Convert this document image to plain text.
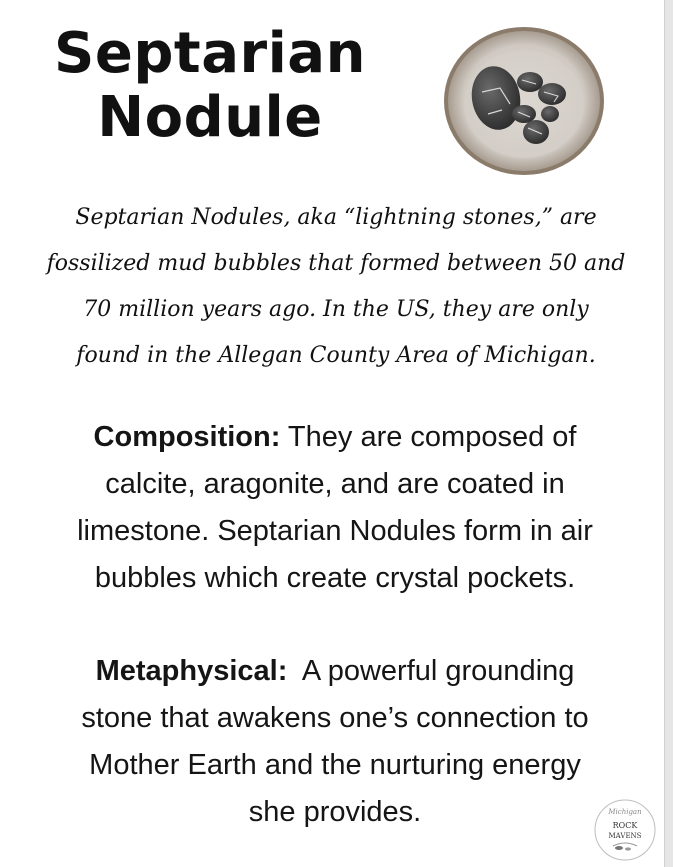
Septarian
Nodule
Septarian Nodules, aka “lightning stones,” are
fossilized mud bubbles that formed between 50 and
70 million years ago. In the US, they are only
found in the Allegan County Area of Michigan.
Composition: They are composed of
calcite, aragonite, and are coated in
limestone. Septarian Nodules form in air
bubbles which create crystal pockets.
Metaphysical:  A powerful grounding
stone that awakens one’s connection to
Mother Earth and the nurturing energy
she provides.	Michigan
ROCK
MAVENS
